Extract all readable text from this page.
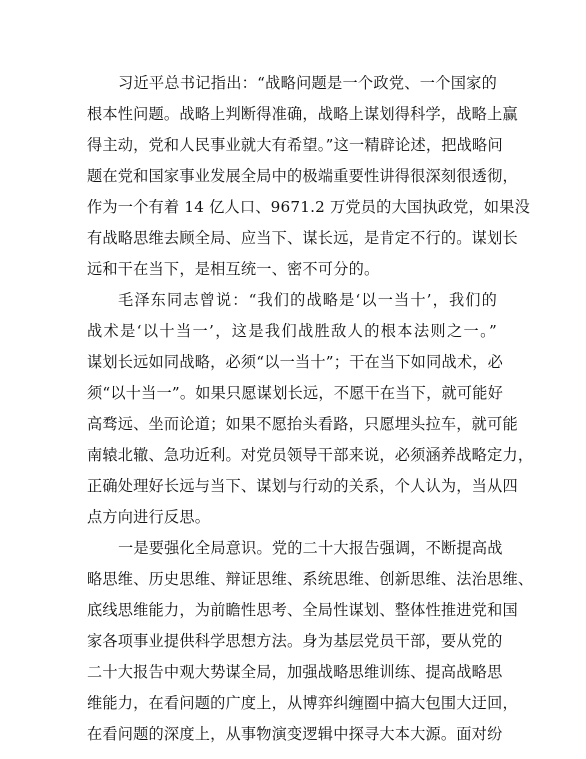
习近平总书记指出：“战略问题是一个政党、一个国家的
根本性问题。战略上判断得准确，战略上谋划得科学，战略上赢
得主动，党和人民事业就大有希望。”这一精辟论述，把战略问
题在党和国家事业发展全局中的极端重要性讲得很深刻很透彻，
作为一个有着 14 亿人口、9671.2 万党员的大国执政党，如果没
有战略思维去顾全局、应当下、谋长远，是肯定不行的。谋划长
远和干在当下，是相互统一、密不可分的。
毛泽东同志曾说：“我们的战略是‘以一当十’，我们的
战术是‘以十当一’，这是我们战胜敌人的根本法则之一。”
谋划长远如同战略，必须“以一当十”；干在当下如同战术，必
须“以十当一”。如果只愿谋划长远，不愿干在当下，就可能好
高骛远、坐而论道；如果不愿抬头看路，只愿埋头拉车，就可能
南辕北辙、急功近利。对党员领导干部来说，必须涵养战略定力，
正确处理好长远与当下、谋划与行动的关系，个人认为，当从四
点方向进行反思。
一是要强化全局意识。党的二十大报告强调，不断提高战
略思维、历史思维、辩证思维、系统思维、创新思维、法治思维、
底线思维能力，为前瞻性思考、全局性谋划、整体性推进党和国
家各项事业提供科学思想方法。身为基层党员干部，要从党的
二十大报告中观大势谋全局，加强战略思维训练、提高战略思
维能力，在看问题的广度上，从博弈纠缠圈中搞大包围大迂回，
在看问题的深度上，从事物演变逻辑中探寻大本大源。面对纷
